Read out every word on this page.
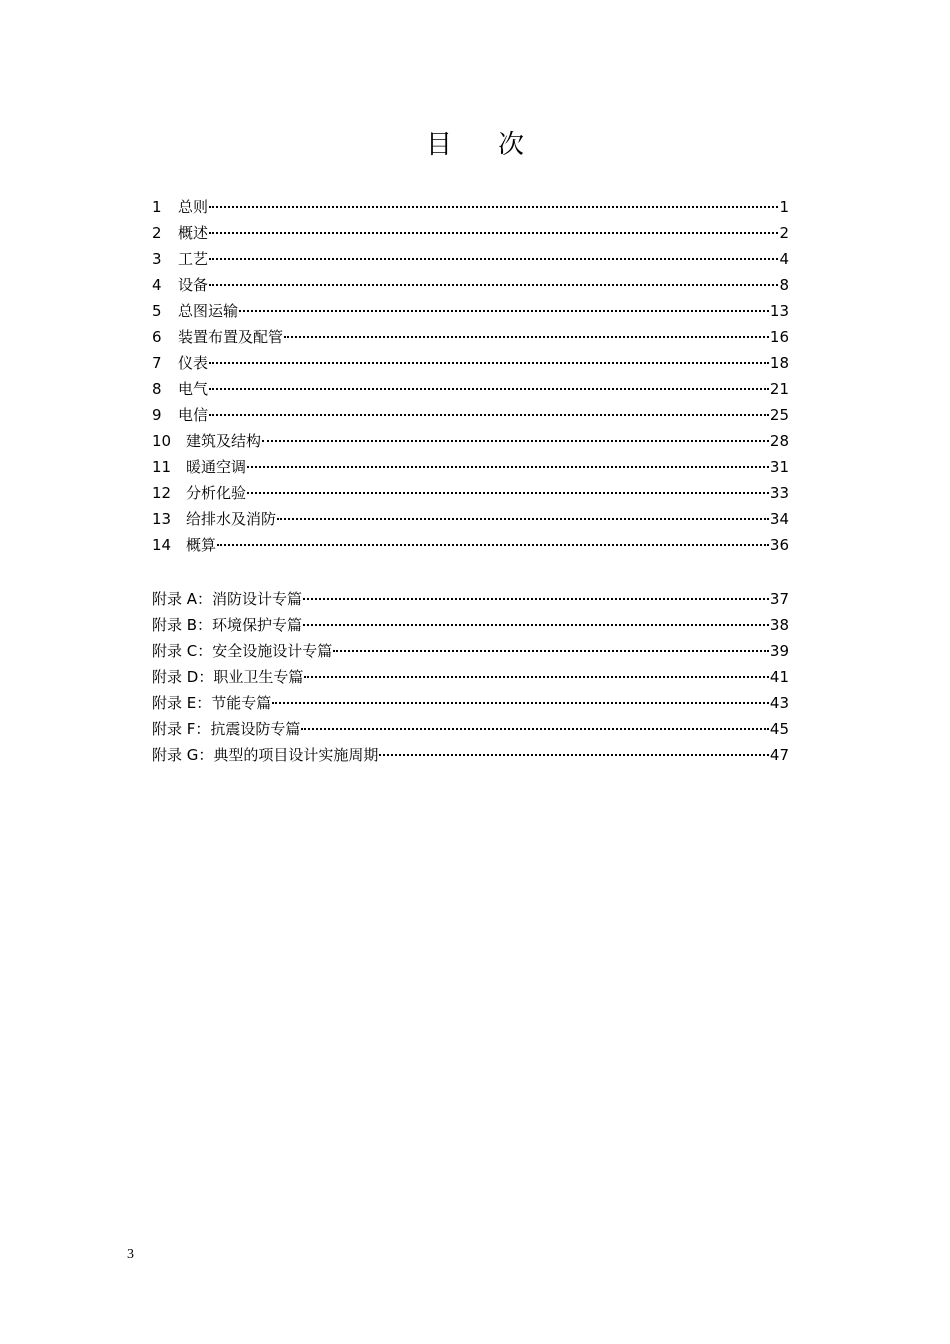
目 次
1	总则	1
2	概述	2
3	工艺	4
4	设备	8
5	总图运输	13
6	装置布置及配管	16
7	仪表	18
8	电气	21
9	电信	25
10 建筑及结构	28
11 暖通空调	31
12 分析化验	33
13 给排水及消防	34
14 概算	36
附录 A：消防设计专篇	37
附录 B：环境保护专篇	38
附录 C：安全设施设计专篇	39
附录 D：职业卫生专篇	41
附录 E：节能专篇	43
附录 F：抗震设防专篇	45
附录 G：典型的项目设计实施周期	47
3
